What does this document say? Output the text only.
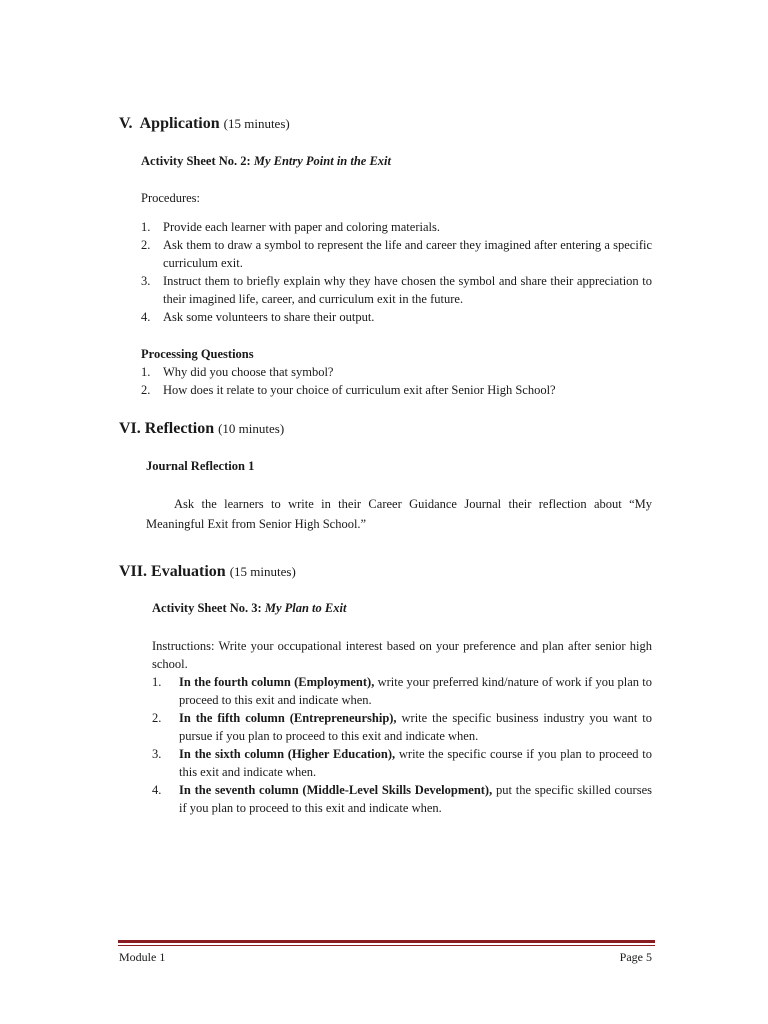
V. Application (15 minutes)
Activity Sheet No. 2: My Entry Point in the Exit
Procedures:
1. Provide each learner with paper and coloring materials.
2. Ask them to draw a symbol to represent the life and career they imagined after entering a specific curriculum exit.
3. Instruct them to briefly explain why they have chosen the symbol and share their appreciation to their imagined life, career, and curriculum exit in the future.
4. Ask some volunteers to share their output.
Processing Questions
1. Why did you choose that symbol?
2. How does it relate to your choice of curriculum exit after Senior High School?
VI. Reflection (10 minutes)
Journal Reflection 1
Ask the learners to write in their Career Guidance Journal their reflection about “My Meaningful Exit from Senior High School.”
VII. Evaluation (15 minutes)
Activity Sheet No. 3: My Plan to Exit
Instructions: Write your occupational interest based on your preference and plan after senior high school.
1. In the fourth column (Employment), write your preferred kind/nature of work if you plan to proceed to this exit and indicate when.
2. In the fifth column (Entrepreneurship), write the specific business industry you want to pursue if you plan to proceed to this exit and indicate when.
3. In the sixth column (Higher Education), write the specific course if you plan to proceed to this exit and indicate when.
4. In the seventh column (Middle-Level Skills Development), put the specific skilled courses if you plan to proceed to this exit and indicate when.
Module 1	Page 5
